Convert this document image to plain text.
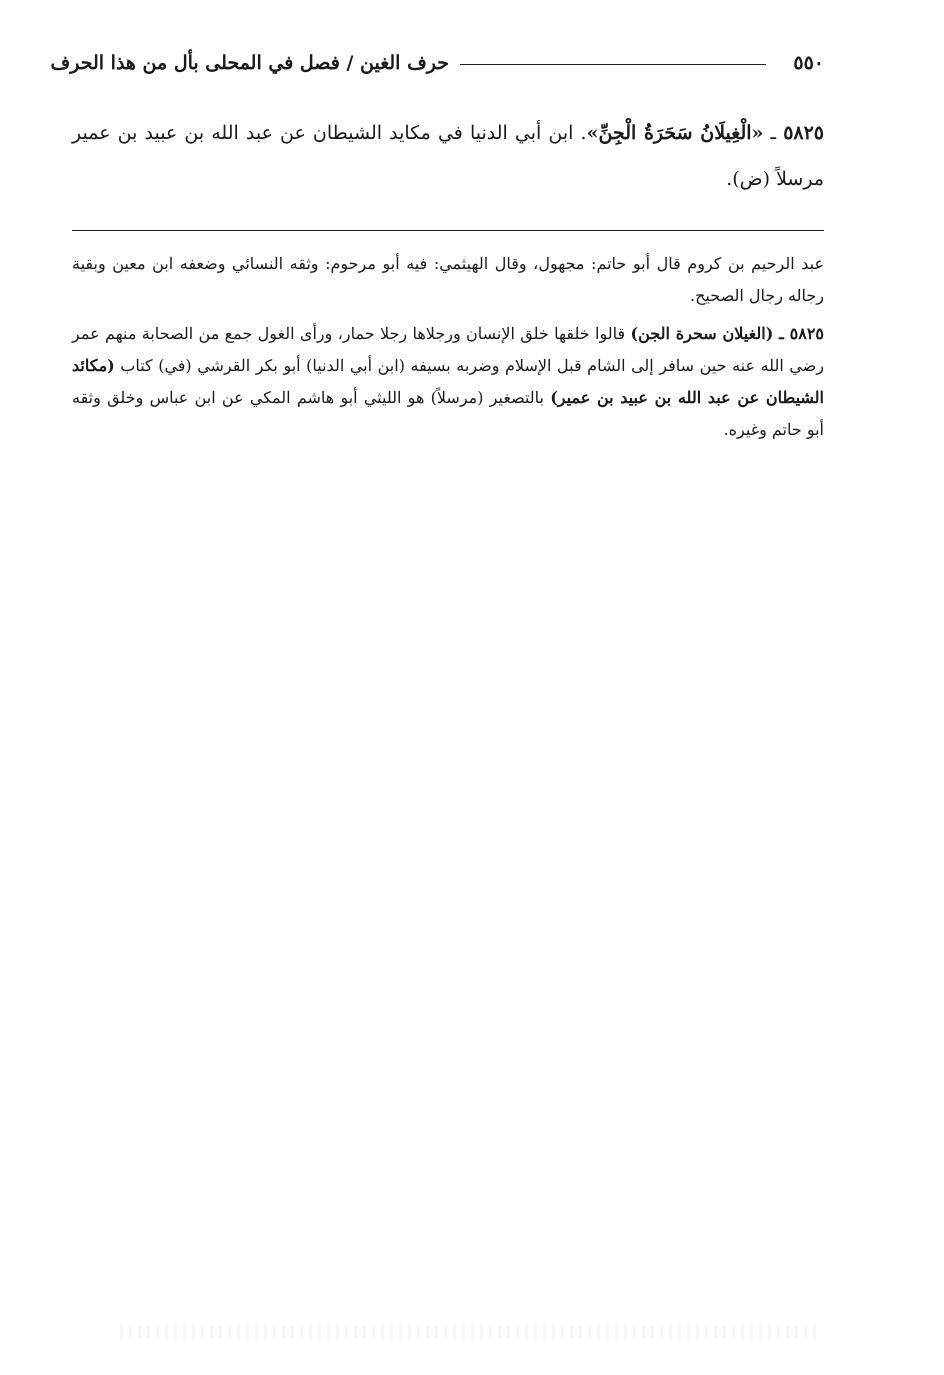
حرف الغين / فصل في المحلى بأل من هذا الحرف	٥٥٠
٥٨٢٥ ـ «الْغِيلَانُ سَحَرَةُ الْجِنِّ». ابن أبي الدنيا في مكايد الشيطان عن عبد الله بن عبيد بن عمير مرسلاً (ض).

عبد الرحيم بن كروم قال أبو حاتم: مجهول، وقال الهيثمي: فيه أبو مرحوم: وثقه النسائي وضعفه ابن معين وبقية رجاله رجال الصحيح.

٥٨٢٥ ـ (الغيلان سحرة الجن) قالوا خلقها خلق الإنسان ورجلاها رجلا حمار، ورأى الغول جمع من الصحابة منهم عمر رضي الله عنه حين سافر إلى الشام قبل الإسلام وضربه بسيفه (ابن أبي الدنيا) أبو بكر القرشي (في) كتاب (مكائد الشيطان عن عبد الله بن عبيد بن عمير) بالتصغير (مرسلاً) هو الليثي أبو هاشم المكي عن ابن عباس وخلق وثقه أبو حاتم وغيره.
